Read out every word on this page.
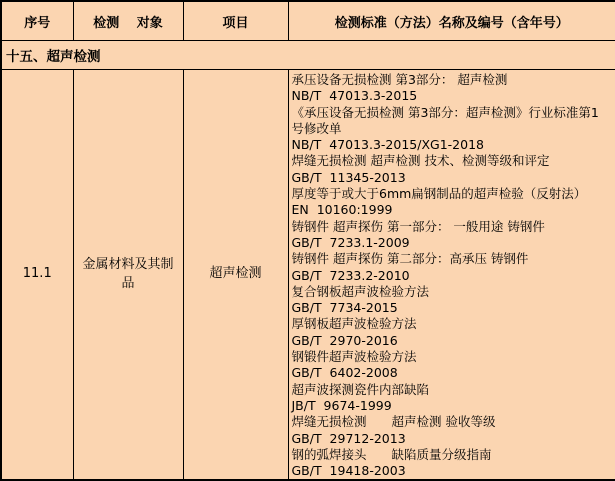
序号	检测　 对象	项目	检测标准（方法）名称及编号（含年号）
十五、超声检测			
11.1	金属材料及其制品	超声检测	
承压设备无损检测 第3部分： 超声检测
NB/T  47013.3-2015
《承压设备无损检测 第3部分：超声检测》行业标准第1
号修改单
NB/T  47013.3-2015/XG1-2018
焊缝无损检测 超声检测 技术、检测等级和评定
GB/T  11345-2013
厚度等于或大于6mm扁钢制品的超声检验（反射法）
EN  10160:1999
铸钢件 超声探伤 第一部分： 一般用途 铸钢件
GB/T  7233.1-2009
铸钢件 超声探伤 第二部分：高承压 铸钢件
GB/T  7233.2-2010
复合钢板超声波检验方法
GB/T  7734-2015
厚钢板超声波检验方法
GB/T  2970-2016
钢锻件超声波检验方法
GB/T  6402-2008
超声波探测瓷件内部缺陷
JB/T  9674-1999
焊缝无损检测　　超声检测 验收等级
GB/T  29712-2013
钢的弧焊接头　　缺陷质量分级指南
GB/T  19418-2003
